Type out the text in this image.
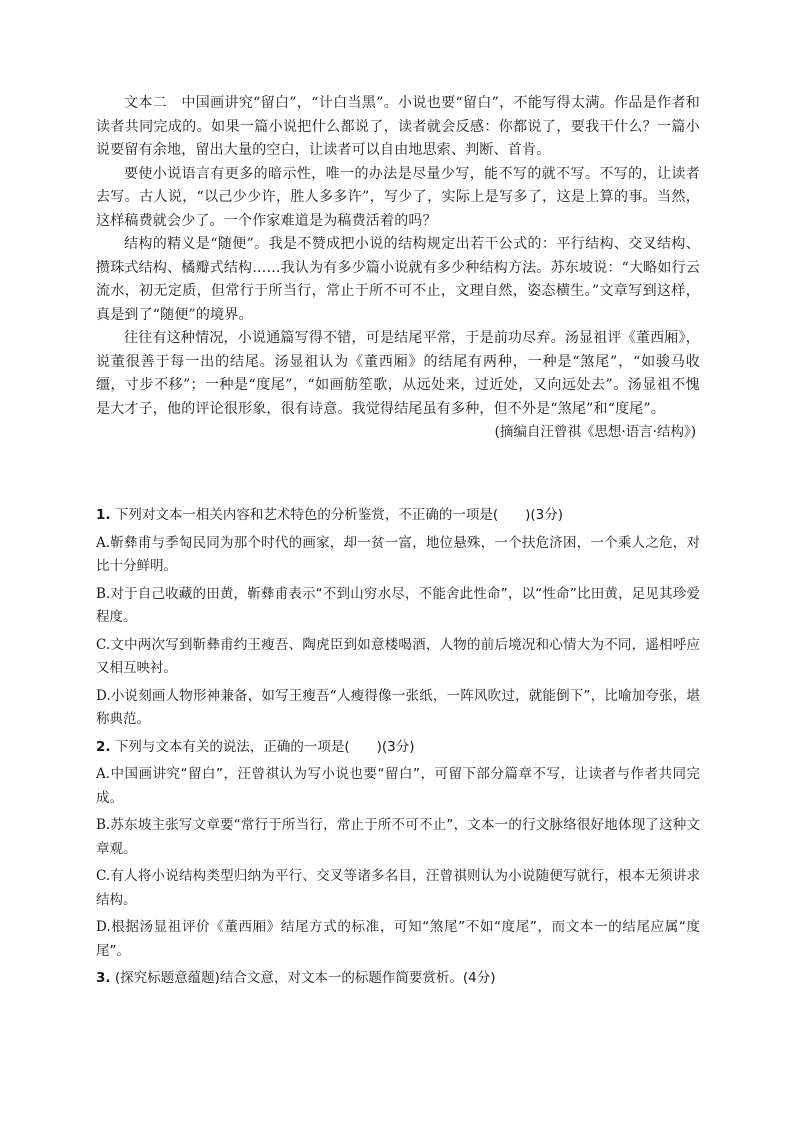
文本二　中国画讲究“留白”，“计白当黑”。小说也要“留白”，不能写得太满。作品是作者和读者共同完成的。如果一篇小说把什么都说了，读者就会反感：你都说了，要我干什么？一篇小说要留有余地，留出大量的空白，让读者可以自由地思索、判断、首肯。

要使小说语言有更多的暗示性，唯一的办法是尽量少写，能不写的就不写。不写的，让读者去写。古人说，“以己少少许，胜人多多许”，写少了，实际上是写多了，这是上算的事。当然，这样稿费就会少了。一个作家难道是为稿费活着的吗？

结构的精义是“随便”。我是不赞成把小说的结构规定出若干公式的：平行结构、交叉结构、攒珠式结构、橘瓣式结构……我认为有多少篇小说就有多少种结构方法。苏东坡说：“大略如行云流水，初无定质，但常行于所当行，常止于所不可不止，文理自然，姿态横生。”文章写到这样，真是到了“随便”的境界。

往往有这种情况，小说通篇写得不错，可是结尾平常，于是前功尽弃。汤显祖评《董西厢》，说董很善于每一出的结尾。汤显祖认为《董西厢》的结尾有两种，一种是“煞尾”，“如骏马收缰，寸步不移”；一种是“度尾”，“如画舫笙歌，从远处来，过近处，又向远处去”。汤显祖不愧是大才子，他的评论很形象，很有诗意。我觉得结尾虽有多种，但不外是“煞尾”和“度尾”。

(摘编自汪曾祺《思想·语言·结构》)

1. 下列对文本一相关内容和艺术特色的分析鉴赏，不正确的一项是(　　)(3分)

A.靳彝甫与季匋民同为那个时代的画家，却一贫一富，地位悬殊，一个扶危济困，一个乘人之危，对比十分鲜明。

B.对于自己收藏的田黄，靳彝甫表示“不到山穷水尽，不能舍此性命”，以“性命”比田黄，足见其珍爱程度。

C.文中两次写到靳彝甫约王瘦吾、陶虎臣到如意楼喝酒，人物的前后境况和心情大为不同，遥相呼应又相互映衬。

D.小说刻画人物形神兼备，如写王瘦吾“人瘦得像一张纸，一阵风吹过，就能倒下”，比喻加夸张，堪称典范。

2. 下列与文本有关的说法，正确的一项是(　　)(3分)

A.中国画讲究“留白”，汪曾祺认为写小说也要“留白”，可留下部分篇章不写，让读者与作者共同完成。

B.苏东坡主张写文章要“常行于所当行，常止于所不可不止”，文本一的行文脉络很好地体现了这种文章观。

C.有人将小说结构类型归纳为平行、交叉等诸多名目，汪曾祺则认为小说随便写就行，根本无须讲求结构。

D.根据汤显祖评价《董西厢》结尾方式的标准，可知“煞尾”不如“度尾”，而文本一的结尾应属“度尾”。

3. (探究标题意蕴题)结合文意，对文本一的标题作简要赏析。(4分)
